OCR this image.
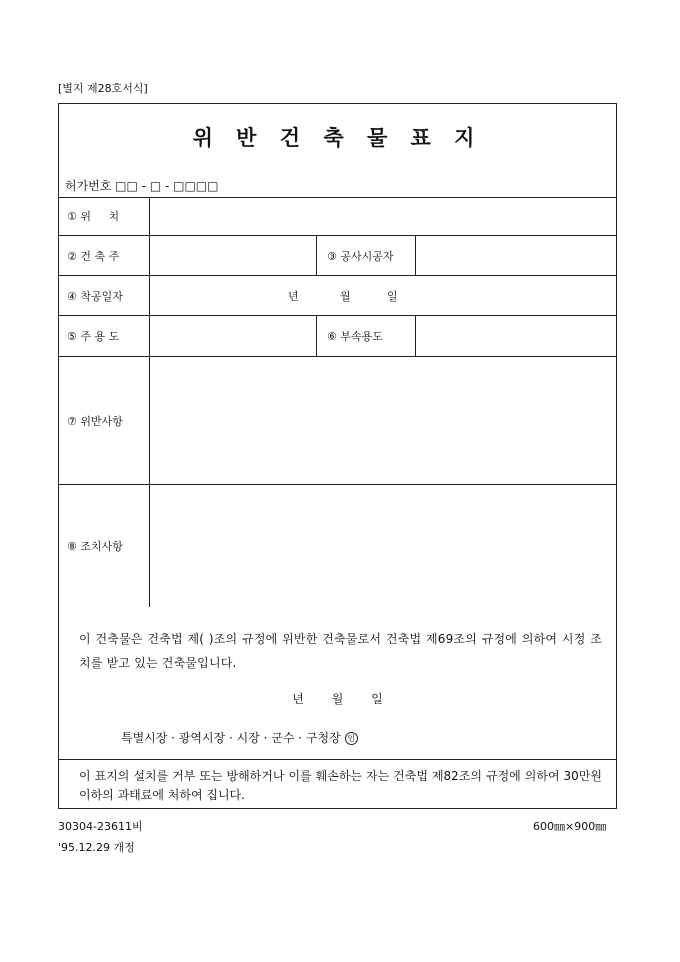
[별지 제28호서식]
위 반 건 축 물 표 지
허가번호 □□ - □ - □□□□
① 위     치
② 건 축 주	③ 공사시공자
④ 착공일자	년	월	일
⑤ 주 용 도	⑥ 부속용도
⑦ 위반사항
⑧ 조치사항
이 건축물은 건축법 제( )조의 규정에 위반한 건축물로서 건축법 제69조의 규정에 의하여 시정 조치를 받고 있는 건축물입니다.
년 월 일
특별시장 · 광역시장 · 시장 · 군수 · 구청장 인
이 표지의 설치를 거부 또는 방해하거나 이를 훼손하는 자는 건축법 제82조의 규정에 의하여 30만원이하의 과태료에 처하여 집니다.
30304-23611비	600㎜×900㎜
'95.12.29 개정
